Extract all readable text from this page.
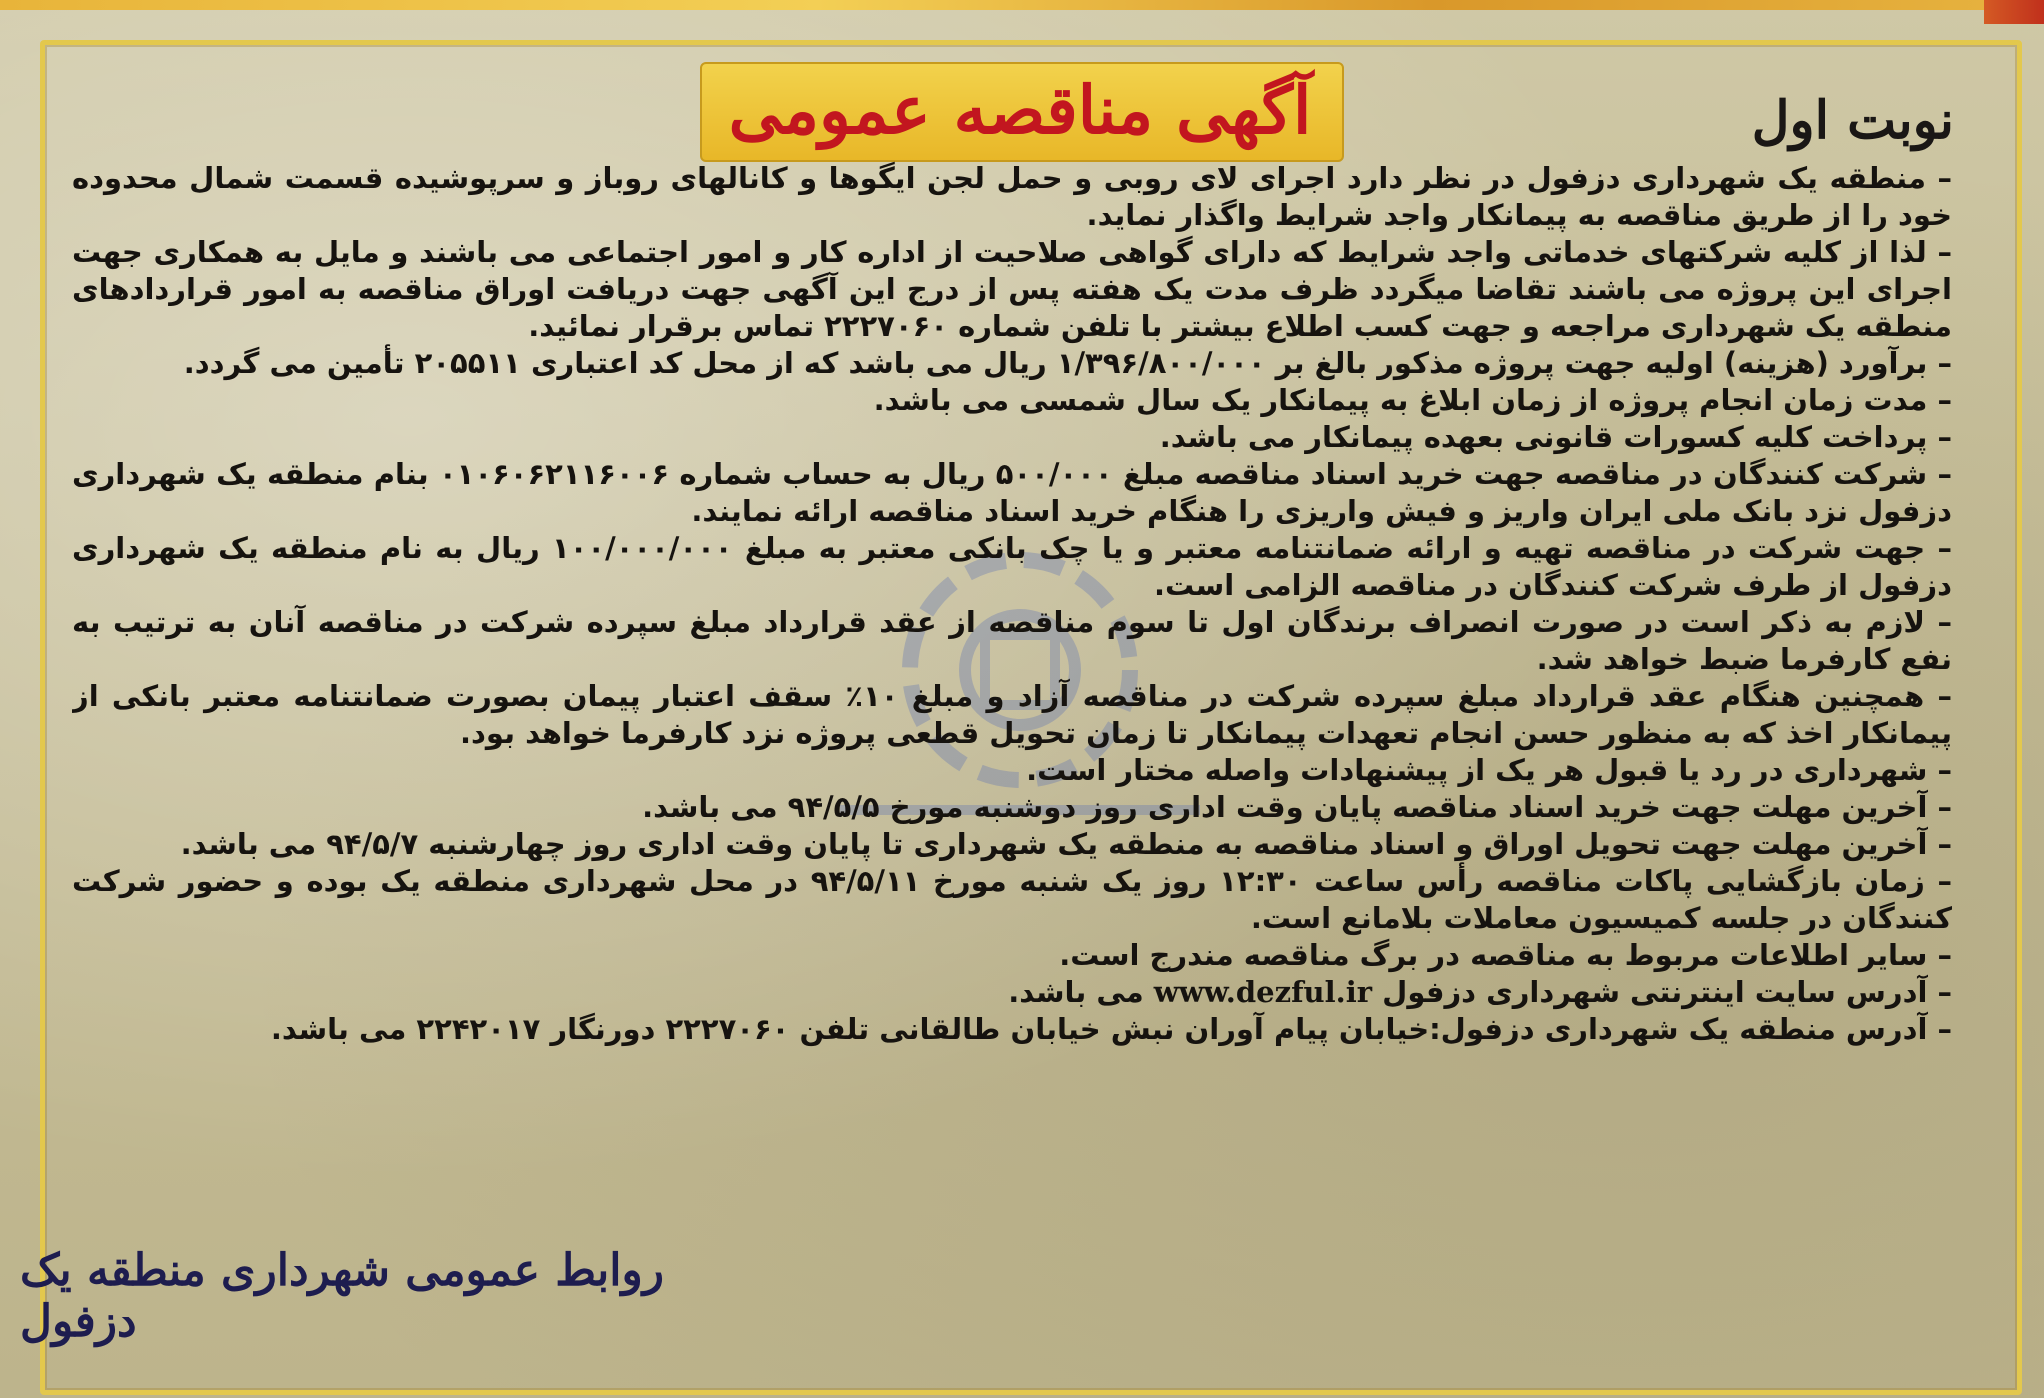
آگهی مناقصه عمومی	نوبت اول

– منطقه یک شهرداری دزفول در نظر دارد اجرای لای روبی و حمل لجن ایگوها و کانالهای روباز و سرپوشیده قسمت شمال محدوده خود را از طریق مناقصه به پیمانکار واجد شرایط واگذار نماید.

– لذا از کلیه شرکتهای خدماتی واجد شرایط که دارای گواهی صلاحیت از اداره کار و امور اجتماعی می باشند و مایل به همکاری جهت اجرای این پروژه می باشند تقاضا میگردد ظرف مدت یک هفته پس از درج این آگهی جهت دریافت اوراق مناقصه به امور قراردادهای منطقه یک شهرداری مراجعه و جهت کسب اطلاع بیشتر با تلفن شماره ۲۲۲۷۰۶۰ تماس برقرار نمائید.

– برآورد (هزینه) اولیه جهت پروژه مذکور بالغ بر ۱/۳۹۶/۸۰۰/۰۰۰ ریال می باشد که از محل کد اعتباری ۲۰۵۵۱۱ تأمین می گردد.

– مدت زمان انجام پروژه از زمان ابلاغ به پیمانکار یک سال شمسی می باشد.

– پرداخت کلیه کسورات قانونی بعهده پیمانکار می باشد.

– شرکت کنندگان در مناقصه جهت خرید اسناد مناقصه مبلغ ۵۰۰/۰۰۰ ریال به حساب شماره ۰۱۰۶۰۶۲۱۱۶۰۰۶ بنام منطقه یک شهرداری دزفول نزد بانک ملی ایران واریز و فیش واریزی را هنگام خرید اسناد مناقصه ارائه نمایند.

– جهت شرکت در مناقصه تهیه و ارائه ضمانتنامه معتبر و یا چک بانکی معتبر به مبلغ ۱۰۰/۰۰۰/۰۰۰ ریال به نام منطقه یک شهرداری دزفول از طرف شرکت کنندگان در مناقصه الزامی است.

– لازم به ذکر است در صورت انصراف برندگان اول تا سوم مناقصه از عقد قرارداد مبلغ سپرده شرکت در مناقصه آنان به ترتیب به نفع کارفرما ضبط خواهد شد.

– همچنین هنگام عقد قرارداد مبلغ سپرده شرکت در مناقصه آزاد و مبلغ ۱۰٪ سقف اعتبار پیمان بصورت ضمانتنامه معتبر بانکی از پیمانکار اخذ که به منظور حسن انجام تعهدات پیمانکار تا زمان تحویل قطعی پروژه نزد کارفرما خواهد بود.

– شهرداری در رد یا قبول هر یک از پیشنهادات واصله مختار است.

– آخرین مهلت جهت خرید اسناد مناقصه پایان وقت اداری روز دوشنبه مورخ ۹۴/۵/۵ می باشد.

– آخرین مهلت جهت تحویل اوراق و اسناد مناقصه به منطقه یک شهرداری تا پایان وقت اداری روز چهارشنبه ۹۴/۵/۷ می باشد.

– زمان بازگشایی پاکات مناقصه رأس ساعت ۱۲:۳۰ روز یک شنبه مورخ ۹۴/۵/۱۱ در محل شهرداری منطقه یک بوده و حضور شرکت کنندگان در جلسه کمیسیون معاملات بلامانع است.

– سایر اطلاعات مربوط به مناقصه در برگ مناقصه مندرج است.

– آدرس سایت اینترنتی شهرداری دزفول www.dezful.ir می باشد.

– آدرس منطقه یک شهرداری دزفول:خیابان پیام آوران نبش خیابان طالقانی تلفن ۲۲۲۷۰۶۰ دورنگار ۲۲۴۲۰۱۷ می باشد.

روابط عمومی شهرداری منطقه یک دزفول
